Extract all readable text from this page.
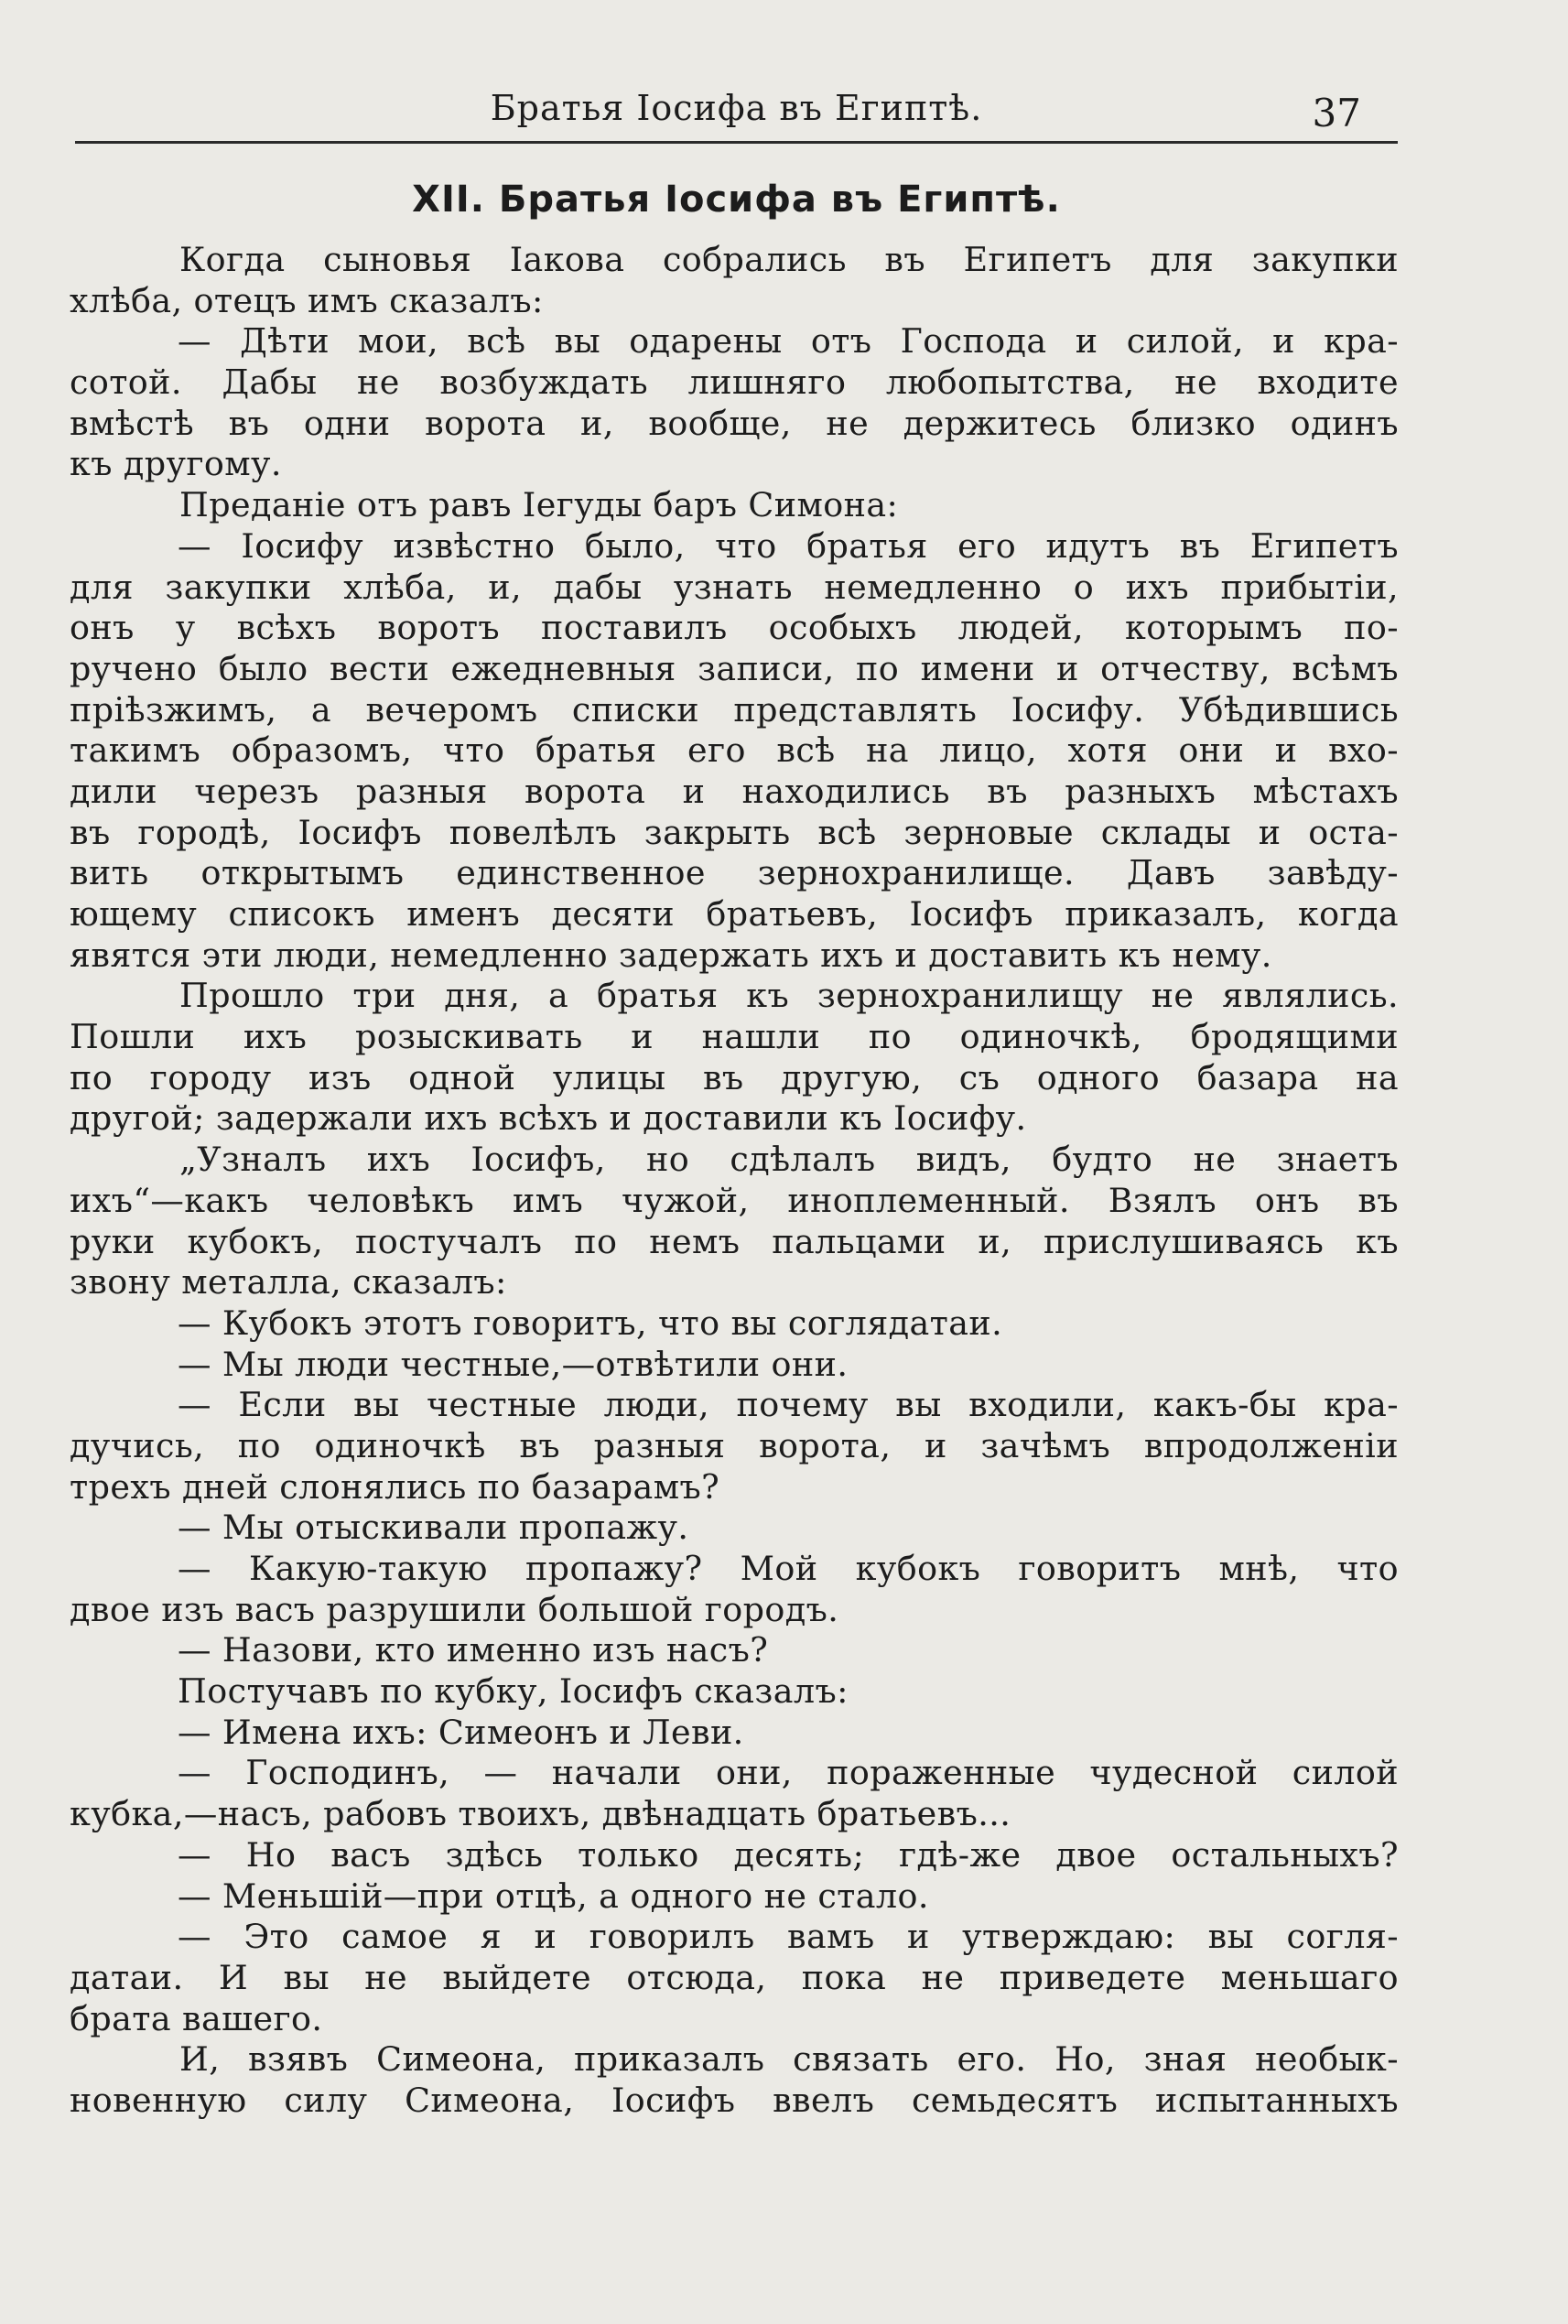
Братья Іосифа въ Египтѣ.	37
XII. Братья Іосифа въ Египтѣ.
Когда сыновья Іакова собрались въ Египетъ для закупки
хлѣба, отецъ имъ сказалъ:
— Дѣти мои, всѣ вы одарены отъ Господа и силой, и кра-
сотой. Дабы не возбуждать лишняго любопытства, не входите
вмѣстѣ въ одни ворота и, вообще, не держитесь близко одинъ
къ другому.
Преданіе отъ равъ Іегуды баръ Симона:
— Іосифу извѣстно было, что братья его идутъ въ Египетъ
для закупки хлѣба, и, дабы узнать немедленно о ихъ прибытіи,
онъ у всѣхъ воротъ поставилъ особыхъ людей, которымъ по-
ручено было вести ежедневныя записи, по имени и отчеству, всѣмъ
пріѣзжимъ, а вечеромъ списки представлять Іосифу. Убѣдившись
такимъ образомъ, что братья его всѣ на лицо, хотя они и вхо-
дили черезъ разныя ворота и находились въ разныхъ мѣстахъ
въ городѣ, Іосифъ повелѣлъ закрыть всѣ зерновые склады и оста-
вить открытымъ единственное зернохранилище. Давъ завѣду-
ющему списокъ именъ десяти братьевъ, Іосифъ приказалъ, когда
явятся эти люди, немедленно задержать ихъ и доставить къ нему.
Прошло три дня, а братья къ зернохранилищу не являлись.
Пошли ихъ розыскивать и нашли по одиночкѣ, бродящими
по городу изъ одной улицы въ другую, съ одного базара на
другой; задержали ихъ всѣхъ и доставили къ Іосифу.
„Узналъ ихъ Іосифъ, но сдѣлалъ видъ, будто не знаетъ
ихъ“—какъ человѣкъ имъ чужой, иноплеменный. Взялъ онъ въ
руки кубокъ, постучалъ по немъ пальцами и, прислушиваясь къ
звону металла, сказалъ:
— Кубокъ этотъ говоритъ, что вы соглядатаи.
— Мы люди честные,—отвѣтили они.
— Если вы честные люди, почему вы входили, какъ-бы кра-
дучись, по одиночкѣ въ разныя ворота, и зачѣмъ впродолженіи
трехъ дней слонялись по базарамъ?
— Мы отыскивали пропажу.
— Какую-такую пропажу? Мой кубокъ говоритъ мнѣ, что
двое изъ васъ разрушили большой городъ.
— Назови, кто именно изъ насъ?
Постучавъ по кубку, Іосифъ сказалъ:
— Имена ихъ: Симеонъ и Леви.
— Господинъ, — начали они, пораженные чудесной силой
кубка,—насъ, рабовъ твоихъ, двѣнадцать братьевъ...
— Но васъ здѣсь только десять; гдѣ-же двое остальныхъ?
— Меньшій—при отцѣ, а одного не стало.
— Это самое я и говорилъ вамъ и утверждаю: вы согля-
датаи. И вы не выйдете отсюда, пока не приведете меньшаго
брата вашего.
И, взявъ Симеона, приказалъ связать его. Но, зная необык-
новенную силу Симеона, Іосифъ ввелъ семьдесятъ испытанныхъ
